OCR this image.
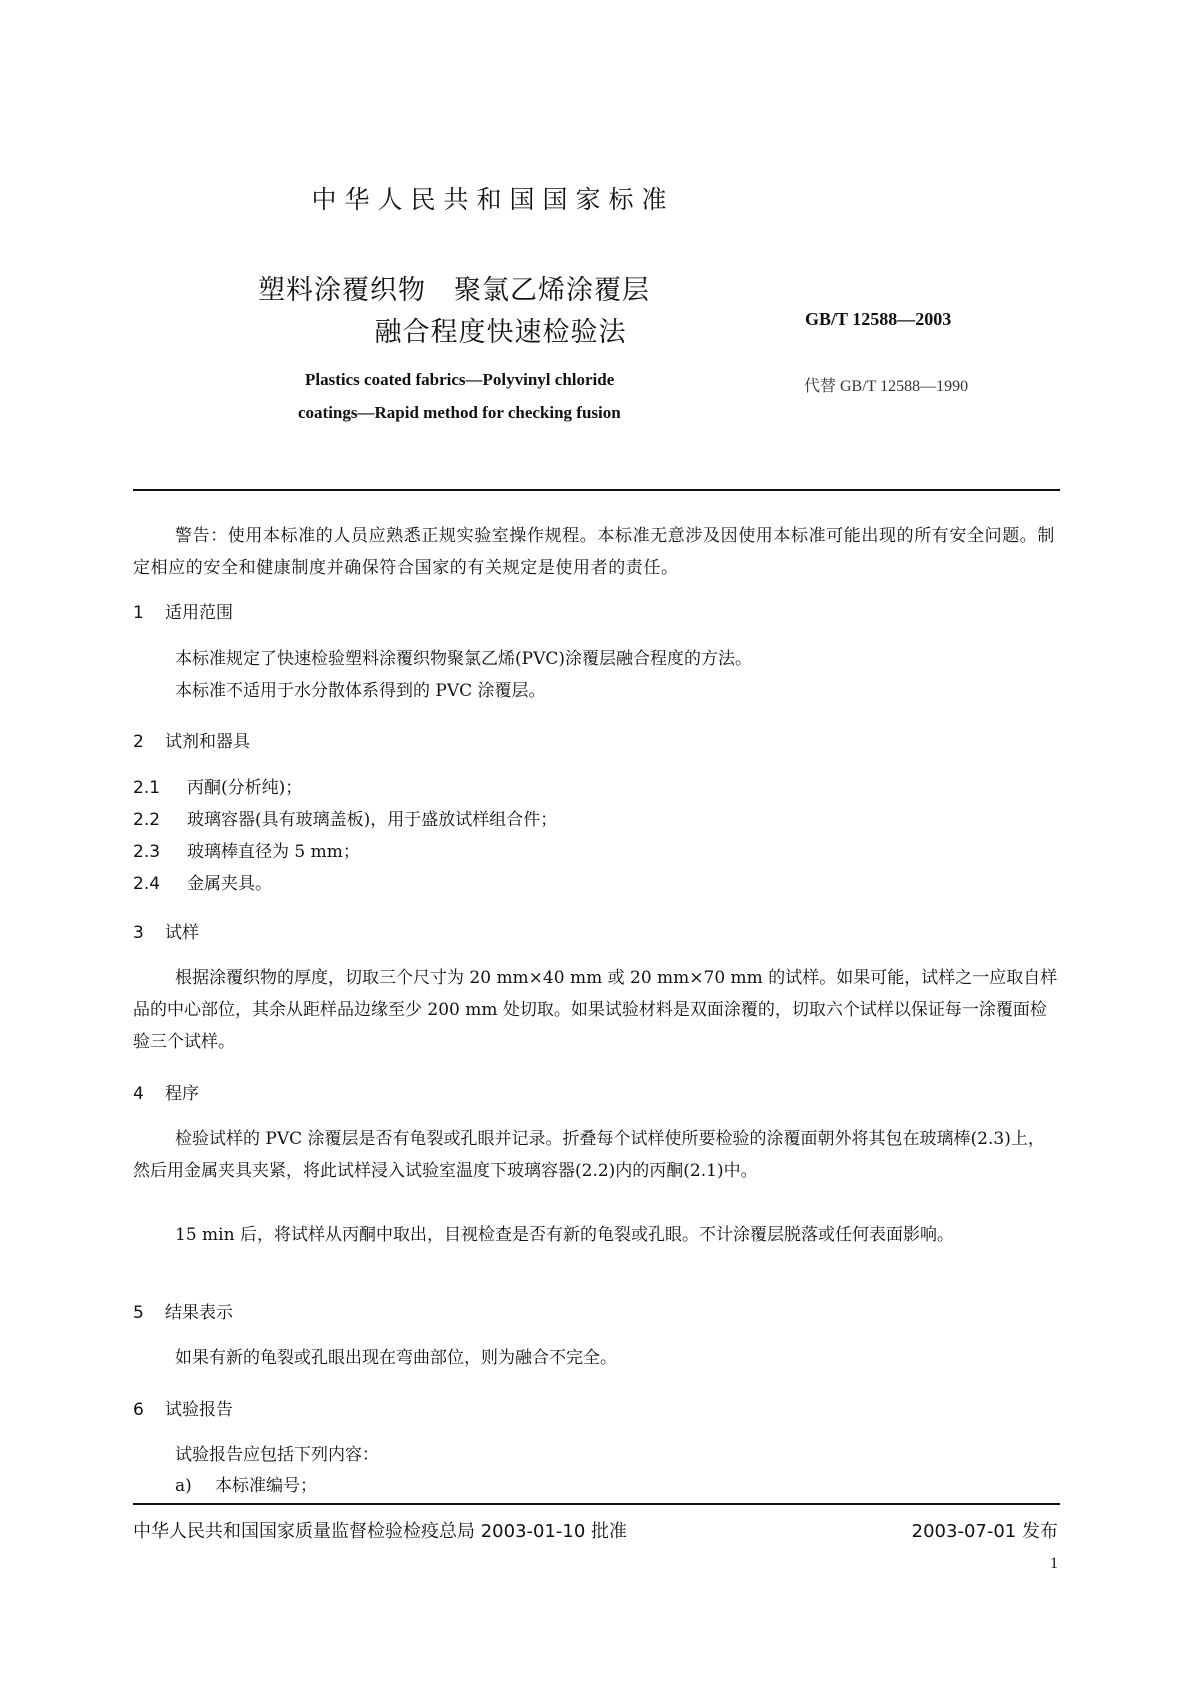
中华人民共和国国家标准
塑料涂覆织物　聚氯乙烯涂覆层
融合程度快速检验法	GB/T 12588—2003
Plastics coated fabrics—Polyvinyl chloride
coatings—Rapid method for checking fusion
代替 GB/T 12588—1990
警告：使用本标准的人员应熟悉正规实验室操作规程。本标准无意涉及因使用本标准可能出现的所有安全问题。制定相应的安全和健康制度并确保符合国家的有关规定是使用者的责任。
1 适用范围
本标准规定了快速检验塑料涂覆织物聚氯乙烯(PVC)涂覆层融合程度的方法。
本标准不适用于水分散体系得到的 PVC 涂覆层。
2 试剂和器具
2.1 丙酮(分析纯)；
2.2 玻璃容器(具有玻璃盖板)，用于盛放试样组合件；
2.3 玻璃棒直径为 5 mm；
2.4 金属夹具。
3 试样
根据涂覆织物的厚度，切取三个尺寸为 20 mm×40 mm 或 20 mm×70 mm 的试样。如果可能，试样之一应取自样品的中心部位，其余从距样品边缘至少 200 mm 处切取。如果试验材料是双面涂覆的，切取六个试样以保证每一涂覆面检验三个试样。
4 程序
检验试样的 PVC 涂覆层是否有龟裂或孔眼并记录。折叠每个试样使所要检验的涂覆面朝外将其包在玻璃棒(2.3)上，然后用金属夹具夹紧，将此试样浸入试验室温度下玻璃容器(2.2)内的丙酮(2.1)中。
15 min 后，将试样从丙酮中取出，目视检查是否有新的龟裂或孔眼。不计涂覆层脱落或任何表面影响。
5 结果表示
如果有新的龟裂或孔眼出现在弯曲部位，则为融合不完全。
6 试验报告
试验报告应包括下列内容：
a) 本标准编号；
中华人民共和国国家质量监督检验检疫总局 2003-01-10 批准	2003-07-01 发布
1
